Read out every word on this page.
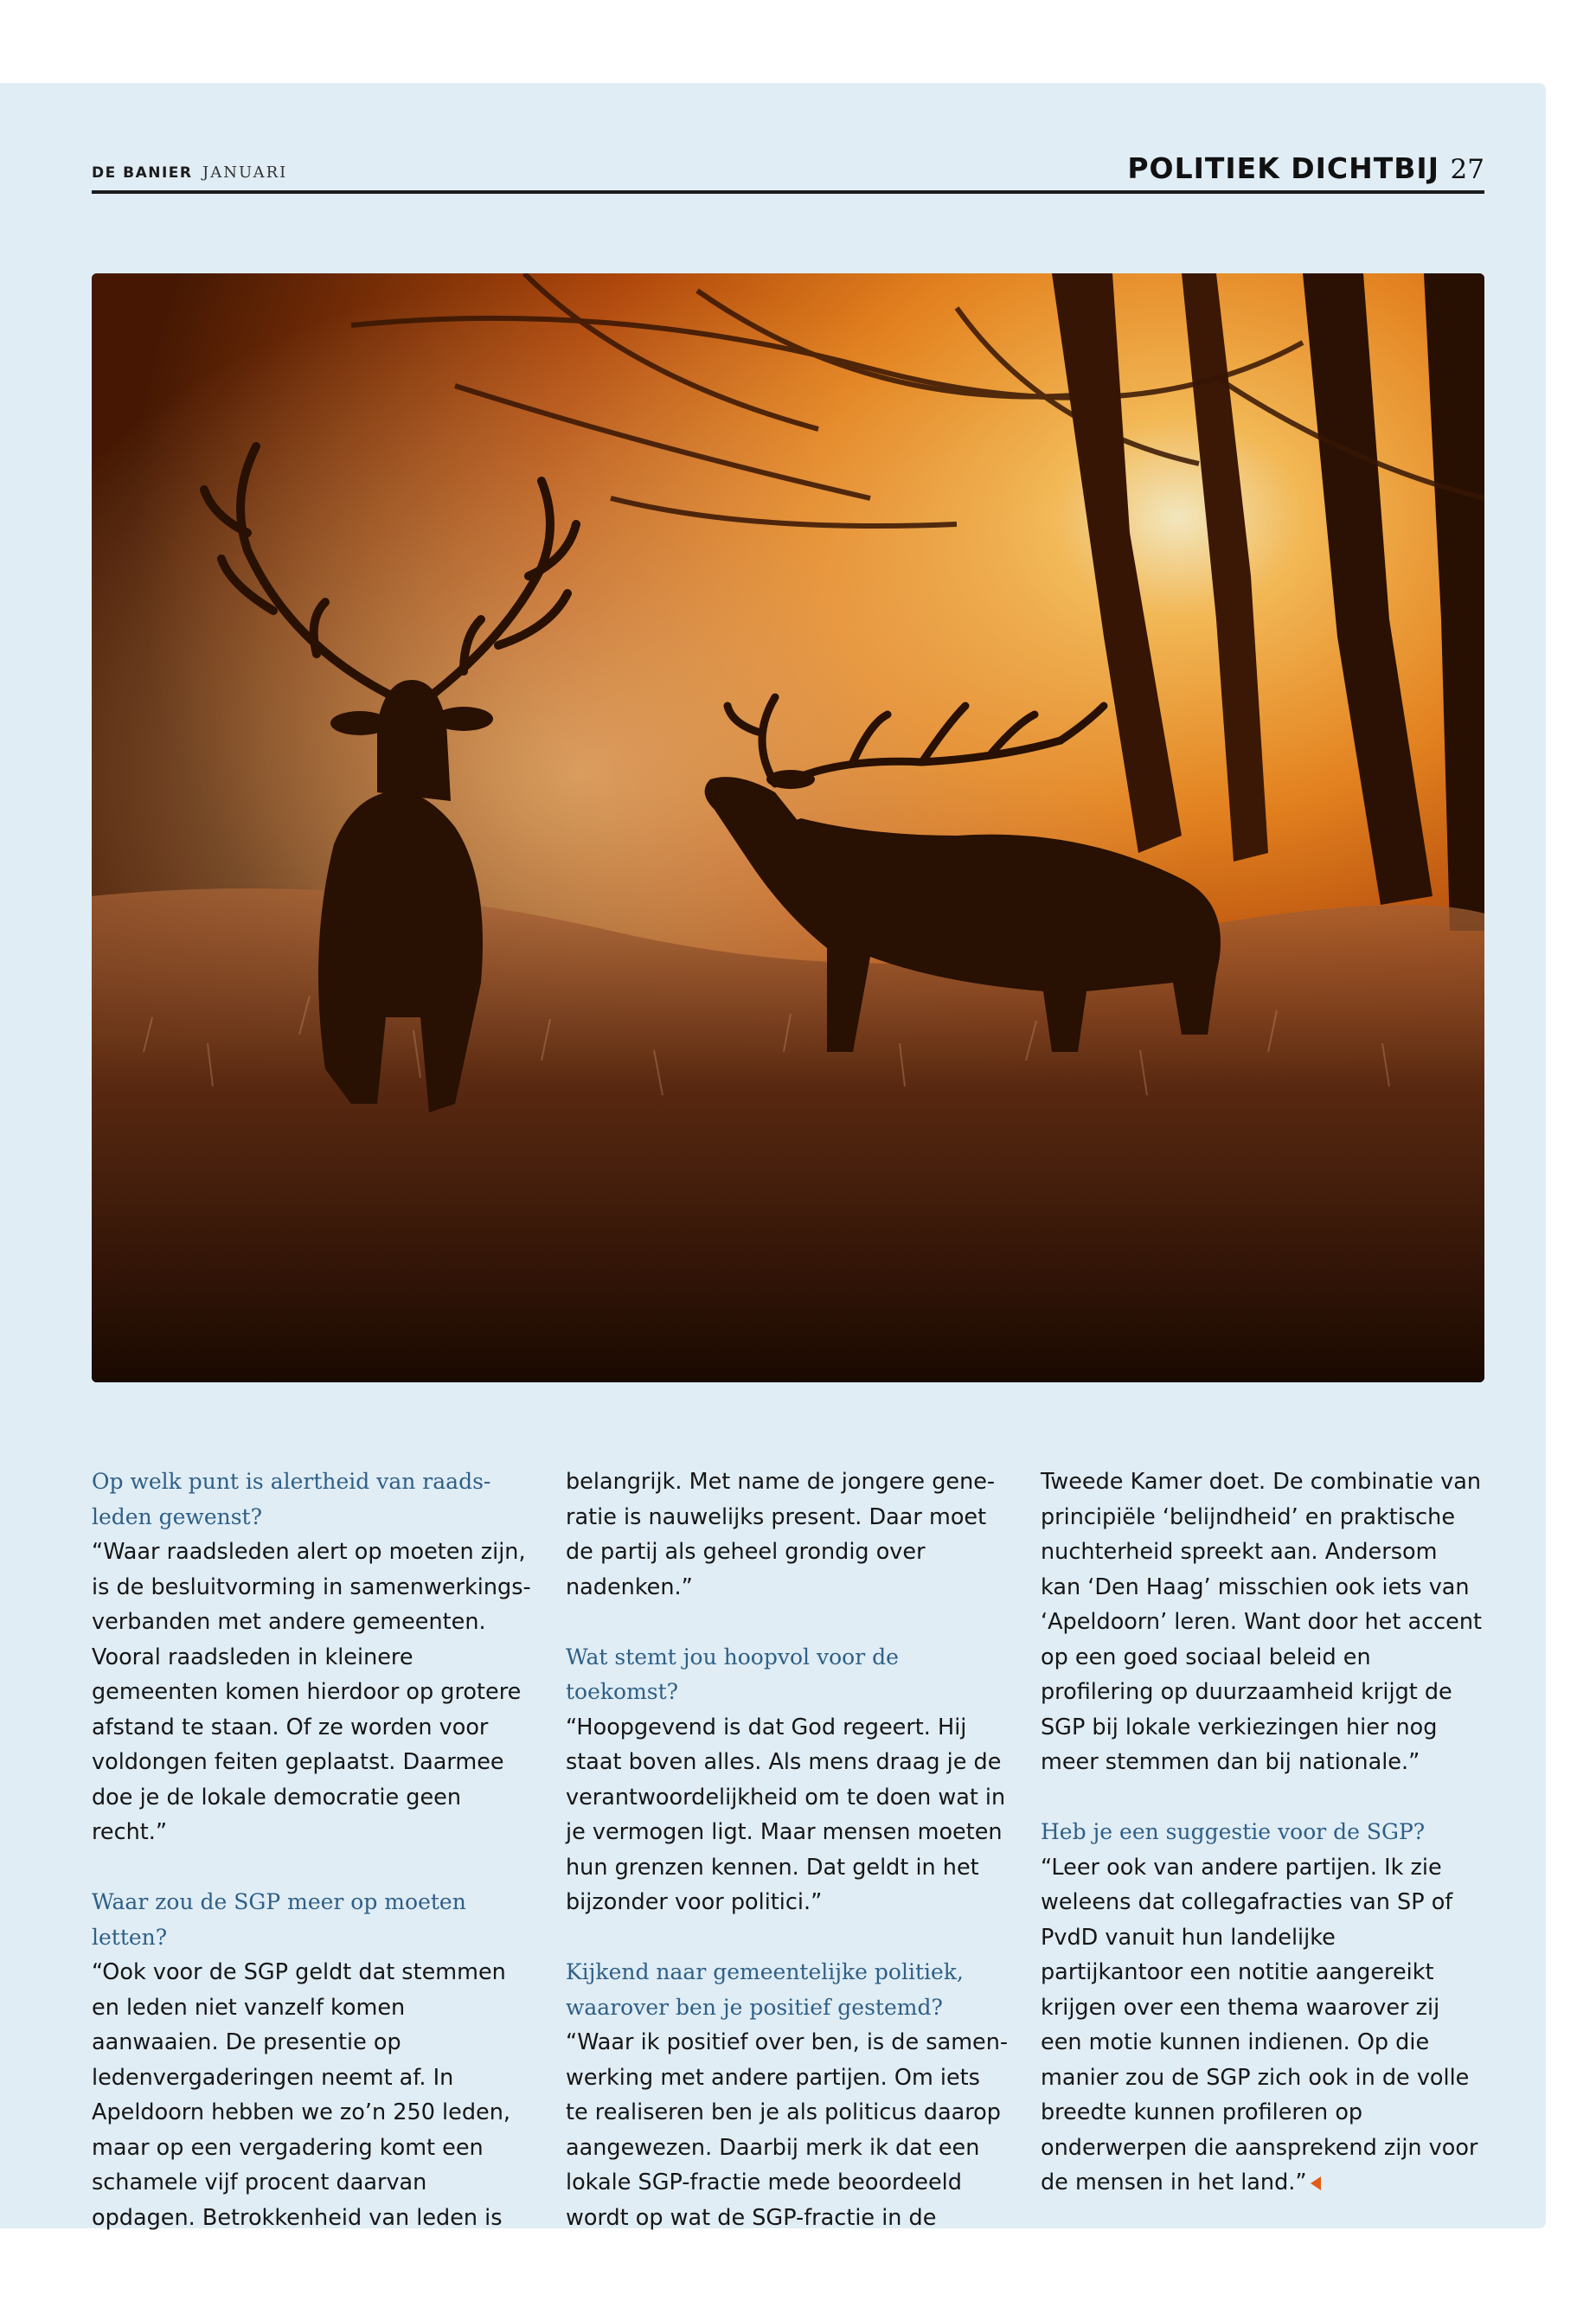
DE BANIER JANUARI	POLITIEK DICHTBIJ 27
Op welk punt is alertheid van raads-leden gewenst?
“Waar raadsleden alert op moeten zijn, is de besluitvorming in samenwerkings-verbanden met andere gemeenten. Vooral raadsleden in kleinere gemeenten komen hierdoor op grotere afstand te staan. Of ze worden voor voldongen feiten geplaatst. Daarmee doe je de lokale democratie geen recht.”
Waar zou de SGP meer op moeten letten?
“Ook voor de SGP geldt dat stemmen en leden niet vanzelf komen aanwaaien. De presentie op ledenvergaderingen neemt af. In Apeldoorn hebben we zo’n 250 leden, maar op een vergadering komt een schamele vijf procent daarvan opdagen. Betrokkenheid van leden is
belangrijk. Met name de jongere gene-ratie is nauwelijks present. Daar moet de partij als geheel grondig over nadenken.”
Wat stemt jou hoopvol voor de toekomst?
“Hoopgevend is dat God regeert. Hij staat boven alles. Als mens draag je de verantwoordelijkheid om te doen wat in je vermogen ligt. Maar mensen moeten hun grenzen kennen. Dat geldt in het bijzonder voor politici.”
Kijkend naar gemeentelijke politiek, waarover ben je positief gestemd?
“Waar ik positief over ben, is de samen-werking met andere partijen. Om iets te realiseren ben je als politicus daarop aangewezen. Daarbij merk ik dat een lokale SGP-fractie mede beoordeeld wordt op wat de SGP-fractie in de
Tweede Kamer doet. De combinatie van principiële ‘belijndheid’ en praktische nuchterheid spreekt aan. Andersom kan ‘Den Haag’ misschien ook iets van ‘Apeldoorn’ leren. Want door het accent op een goed sociaal beleid en profilering op duurzaamheid krijgt de SGP bij lokale verkiezingen hier nog meer stemmen dan bij nationale.”
Heb je een suggestie voor de SGP?
“Leer ook van andere partijen. Ik zie weleens dat collegafracties van SP of PvdD vanuit hun landelijke partijkantoor een notitie aangereikt krijgen over een thema waarover zij een motie kunnen indienen. Op die manier zou de SGP zich ook in de volle breedte kunnen profileren op onderwerpen die aansprekend zijn voor de mensen in het land.”
